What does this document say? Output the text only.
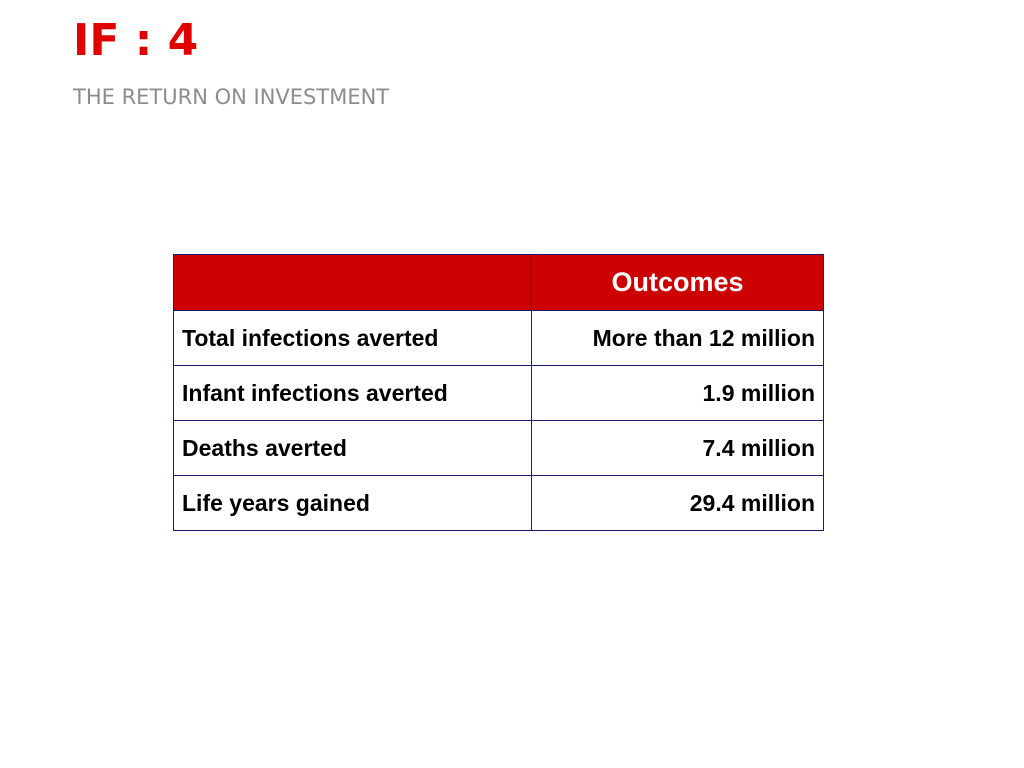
IF : 4
THE RETURN ON INVESTMENT
	Outcomes
Total infections averted	More than 12 million
Infant infections averted	1.9 million
Deaths averted	7.4 million
Life years gained	29.4 million
